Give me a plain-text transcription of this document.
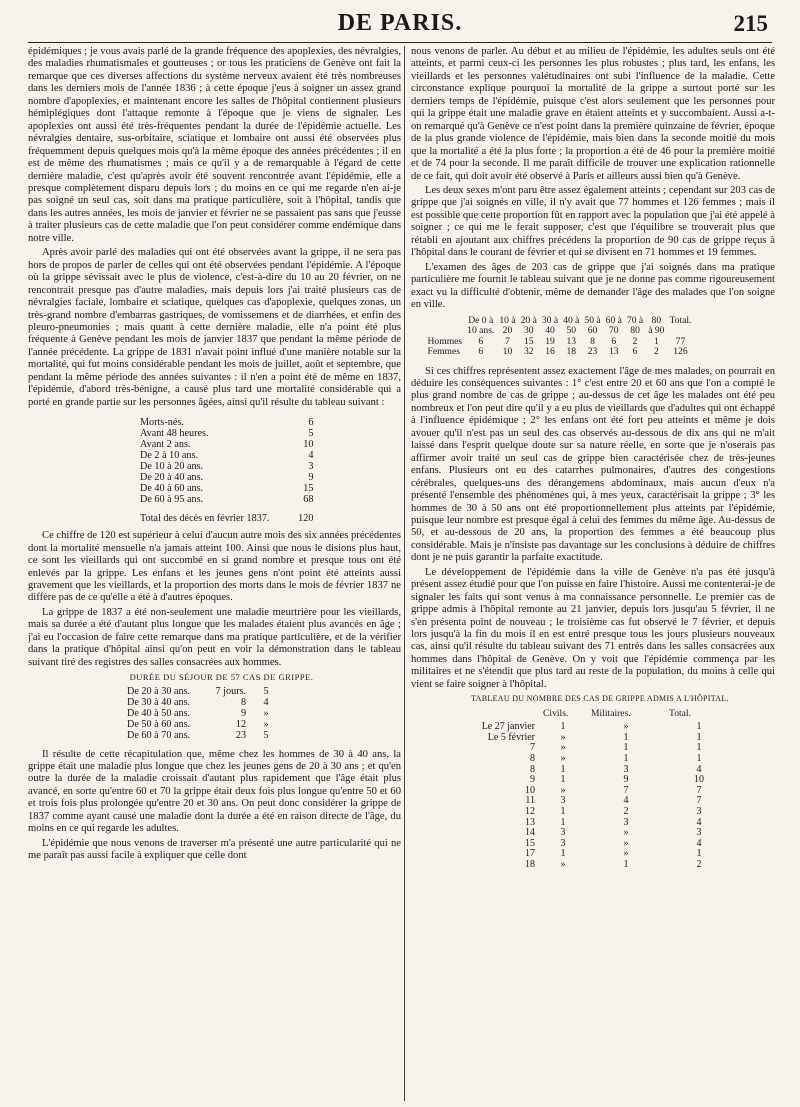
DE PARIS.	215

épidémiques ; je vous avais parlé de la grande fréquence des apoplexies, des névralgies, des maladies rhumatismales et goutteuses ; or tous les praticiens de Genève ont fait la remarque que ces diverses affections du système nerveux avaient été très nombreuses dans les derniers mois de l'année 1836 ; à cette époque j'eus à soigner un assez grand nombre d'apoplexies, et maintenant encore les salles de l'hôpital contiennent plusieurs hémiplégiques dont l'attaque remonte à l'époque que je viens de signaler. Les apoplexies ont aussi été très-fréquentes pendant la durée de l'épidémie actuelle. Les névralgies dentaire, sus-orbitaire, sciatique et lombaire ont aussi été observées plus fréquemment depuis quelques mois qu'à la même époque des années précédentes ; il en est de même des rhumatismes ; mais ce qu'il y a de remarquable à l'égard de cette dernière maladie, c'est qu'après avoir été souvent rencontrée avant l'épidémie, elle a presque complètement disparu depuis lors ; du moins en ce qui me regarde n'en ai-je pas soigné un seul cas, soit dans ma pratique particulière, soit à l'hôpital, tandis que dans les autres années, les mois de janvier et février ne se passaient pas sans que j'eusse à traiter plusieurs cas de cette maladie que l'on peut considérer comme endémique dans notre ville.

Après avoir parlé des maladies qui ont été observées avant la grippe, il ne sera pas hors de propos de parler de celles qui ont été observées pendant l'épidémie. A l'époque où la grippe sévissait avec le plus de violence, c'est-à-dire du 10 au 20 février, on ne rencontrait presque pas d'autre maladies, mais depuis lors j'ai traité plusieurs cas de névralgies faciale, lombaire et sciatique, quelques cas d'apoplexie, quelques zonas, un très-grand nombre d'embarras gastriques, de vomissemens et de diarrhées, et enfin des pleuro-pneumonies ; mais quant à cette dernière maladie, elle n'a point été plus fréquente à Genève pendant les mois de janvier 1837 que pendant la même période de l'année précédente. La grippe de 1831 n'avait point influé d'une manière notable sur la mortalité, qui fut moins considérable pendant les mois de juillet, août et septembre, que pendant la même période des années suivantes : il n'en a point été de même en 1837, l'épidémie, d'abord très-bénigne, a causé plus tard une mortalité considérable qui a porté en grande partie sur les personnes âgées, ainsi qu'il résulte du tableau suivant :

Morts-nés.	6
Avant 48 heures.	5
Avant 2 ans.	10
De 2 à 10 ans.	4
De 10 à 20 ans.	3
De 20 à 40 ans.	9
De 40 à 60 ans.	15
De 60 à 95 ans.	68
Total des décès en février 1837.	120

Ce chiffre de 120 est supérieur à celui d'aucun autre mois des six années précédentes dont la mortalité mensuelle n'a jamais atteint 100. Ainsi que nous le disions plus haut, ce sont les vieillards qui ont succombé en si grand nombre et presque tous ont été enlevés par la grippe. Les enfans et les jeunes gens n'ont point été atteints aussi gravement que les vieillards, et la proportion des morts dans le mois de février 1837 ne diffère pas de ce qu'elle a été à d'autres époques.

La grippe de 1837 a été non-seulement une maladie meurtrière pour les vieillards, mais sa durée a été d'autant plus longue que les malades étaient plus avancés en âge ; j'ai eu l'occasion de faire cette remarque dans ma pratique particulière, et de la vérifier dans la pratique d'hôpital ainsi qu'on peut en voir la démonstration dans le tableau suivant tiré des registres des salles consacrées aux hommes.

DURÉE DU SÉJOUR DE 57 CAS DE GRIPPE.

De 20 à 30 ans.	7 jours.	5
De 30 à 40 ans.	8	4
De 40 à 50 ans.	9	»
De 50 à 60 ans.	12	»
De 60 à 70 ans.	23	5

Il résulte de cette récapitulation que, même chez les hommes de 30 à 40 ans, la grippe était une maladie plus longue que chez les jeunes gens de 20 à 30 ans ; et qu'en outre la durée de la maladie croissait d'autant plus rapidement que l'âge était plus avancé, en sorte qu'entre 60 et 70 la grippe était deux fois plus longue qu'entre 50 et 60 et trois fois plus prolongée qu'entre 20 et 30 ans. On peut donc considérer la grippe de 1837 comme ayant causé une maladie dont la durée a été en raison directe de l'âge, du moins en ce qui regarde les adultes.

L'épidémie que nous venons de traverser m'a présenté une autre particularité qui ne me paraît pas aussi facile à expliquer que celle dont

nous venons de parler. Au début et au milieu de l'épidémie, les adultes seuls ont été atteints, et parmi ceux-ci les personnes les plus robustes ; plus tard, les enfans, les vieillards et les personnes valétudinaires ont subi l'influence de la maladie. Cette circonstance explique pourquoi la mortalité de la grippe a surtout porté sur les derniers temps de l'épidémie, puisque c'est alors seulement que les personnes pour qui la grippe était une maladie grave en étaient atteints et y succombaient. Aussi a-t-on remarqué qu'à Genève ce n'est point dans la première quinzaine de février, époque de la plus grande violence de l'épidémie, mais bien dans la seconde moitié du mois que la mortalité a été la plus forte ; la proportion a été de 46 pour la première moitié et de 74 pour la seconde. Il me paraît difficile de trouver une explication rationnelle de ce fait, qui doit avoir été observé à Paris et ailleurs aussi bien qu'à Genève.

Les deux sexes m'ont paru être assez également atteints ; cependant sur 203 cas de grippe que j'ai soignés en ville, il n'y avait que 77 hommes et 126 femmes ; mais il est possible que cette proportion fût en rapport avec la population que j'ai été appelé à soigner ; ce qui me le ferait supposer, c'est que l'équilibre se trouverait plus que rétabli en ajoutant aux chiffres précédens la proportion de 90 cas de grippe reçus à l'hôpital dans le courant de février et qui se divisent en 71 hommes et 19 femmes.

L'examen des âges de 203 cas de grippe que j'ai soignés dans ma pratique particulière me fournit le tableau suivant que je ne donne pas comme rigoureusement exact vu la difficulté d'obtenir, même de demander l'âge des malades que l'on soigne en ville.

	De 0 à	10 à	20 à	30 à	40 à	50 à	60 à	70 à	80	Total.
	10 ans.	20	30	40	50	60	70	80	à 90	
Hommes	6	7	15	19	13	8	6	2	1	77
Femmes	6	10	32	16	18	23	13	6	2	126

Si ces chiffres représentent assez exactement l'âge de mes malades, on pourrait en déduire les conséquences suivantes : 1° c'est entre 20 et 60 ans que l'on a compté le plus grand nombre de cas de grippe ; au-dessus de cet âge les malades ont été peu nombreux et l'on peut dire qu'il y a eu plus de vieillards que d'adultes qui ont échappé à l'influence épidémique ; 2° les enfans ont été fort peu atteints et même je dois avouer qu'il n'est pas un seul des cas observés au-dessous de dix ans qui ne m'ait laissé dans l'esprit quelque doute sur sa nature réelle, en sorte que je n'oserais pas affirmer avoir traité un seul cas de grippe bien caractérisée chez de très-jeunes enfans. Plusieurs ont eu des catarrhes pulmonaires, d'autres des congestions cérébrales, quelques-uns des dérangemens abdominaux, mais aucun d'eux n'a présenté l'ensemble des phénomènes qui, à mes yeux, caractérisait la grippe ; 3° les hommes de 30 à 50 ans ont été proportionnellement plus atteints par l'épidémie, puisque leur nombre est presque égal à celui des femmes du même âge. Au-dessus de 50, et au-dessous de 20 ans, la proportion des femmes a été beaucoup plus considérable. Mais je n'insiste pas davantage sur les conclusions à déduire de chiffres dont je ne puis garantir la parfaite exactitude.

Le développement de l'épidémie dans la ville de Genève n'a pas été jusqu'à présent assez étudié pour que l'on puisse en faire l'histoire. Aussi me contenterai-je de signaler les faits qui sont venus à ma connaissance personnelle. Le premier cas de grippe admis à l'hôpital remonte au 21 janvier, depuis lors jusqu'au 5 février, il ne s'en présenta point de nouveau ; le troisième cas fut observé le 7 février, et depuis lors jusqu'à la fin du mois il en est entré presque tous les jours plusieurs nouveaux cas, ainsi qu'il résulte du tableau suivant des 71 entrés dans les salles consacrées aux hommes dans l'hôpital de Genève. On y voit que l'épidémie commença par les militaires et ne s'étendit que plus tard au reste de la population, du moins à celle qui vient se faire soigner à l'hôpital.

TABLEAU DU NOMBRE DES CAS DE GRIPPE ADMIS A L'HÔPITAL.

	Civils.	Militaires.	Total.
Le 27 janvier	1	»	1
Le 5 février	»	1	1
7	»	1	1
8	»	1	1
8	1	3	4
9	1	9	10
10	»	7	7
11	3	4	7
12	1	2	3
13	1	3	4
14	3	»	3
15	3	»	4
17	1	»	1
18	»	1	2
